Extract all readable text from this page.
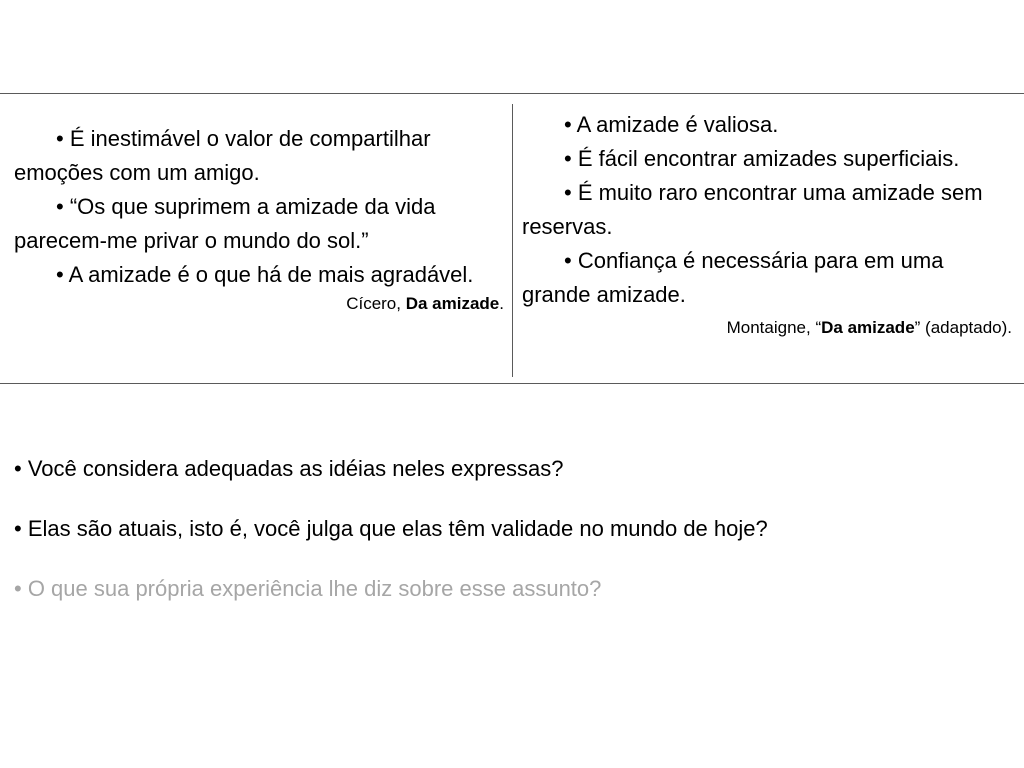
• É inestimável o valor de compartilhar emoções com um amigo.

• “Os que suprimem a amizade da vida parecem-me privar o mundo do sol.”

• A amizade é o que há de mais agradável.

Cícero, Da amizade.

• A amizade é valiosa.

• É fácil encontrar amizades superficiais.

• É muito raro encontrar uma amizade sem reservas.

• Confiança é necessária para em uma grande amizade.

Montaigne, “Da amizade” (adaptado).

• Você considera adequadas as idéias neles expressas?

• Elas são atuais, isto é, você julga que elas têm validade no mundo de hoje?

• O que sua própria experiência lhe diz sobre esse assunto?
